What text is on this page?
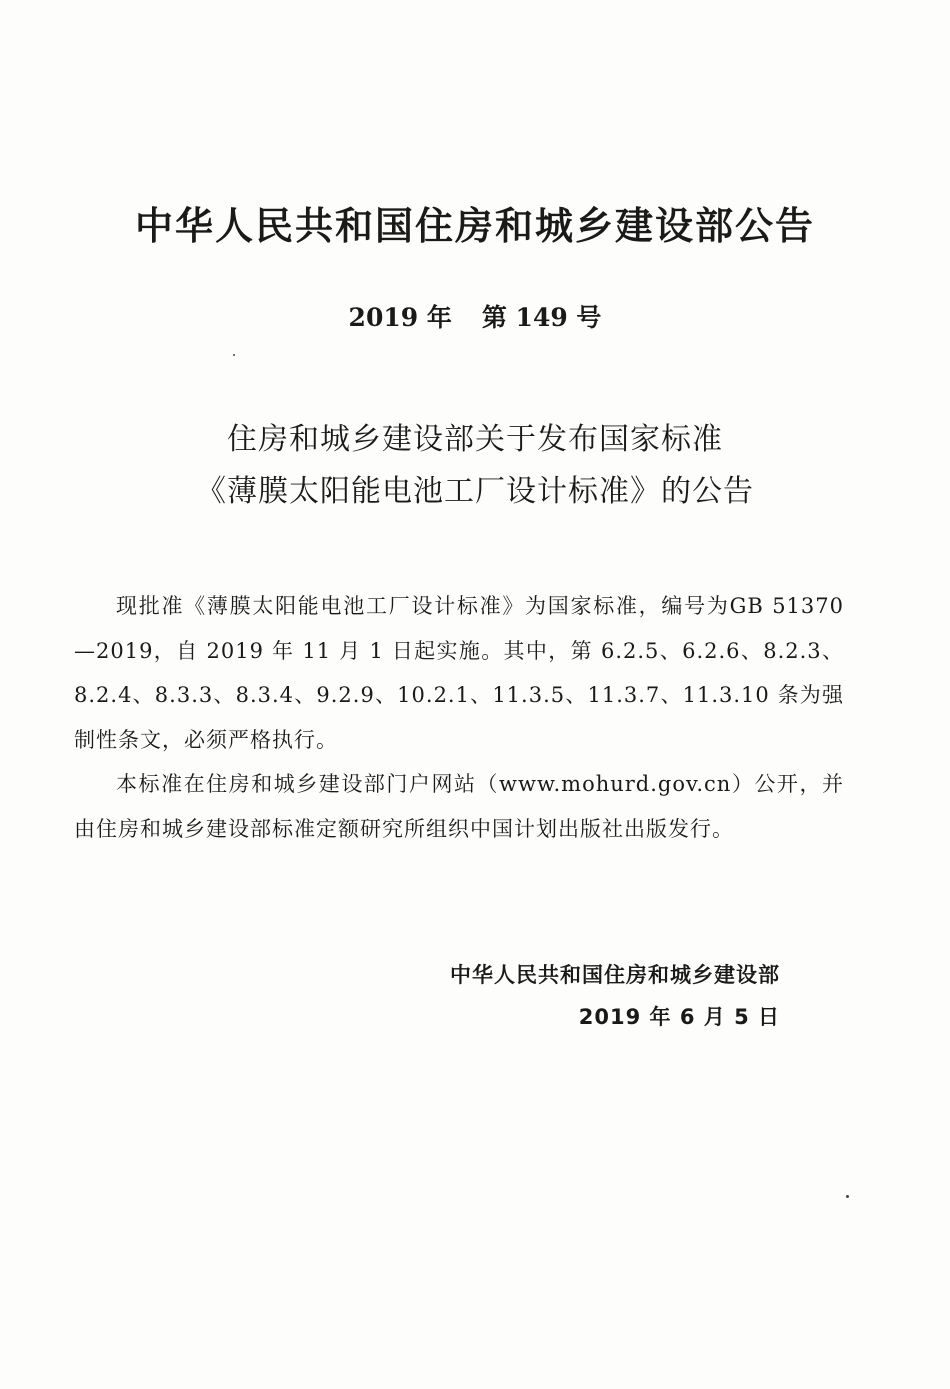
中华人民共和国住房和城乡建设部公告
2019 年 第 149 号
住房和城乡建设部关于发布国家标准
《薄膜太阳能电池工厂设计标准》的公告

现批准《薄膜太阳能电池工厂设计标准》为国家标准，编号为GB 51370—2019，自 2019 年 11 月 1 日起实施。其中，第 6.2.5、6.2.6、8.2.3、8.2.4、8.3.3、8.3.4、9.2.9、10.2.1、11.3.5、11.3.7、11.3.10 条为强制性条文，必须严格执行。

本标准在住房和城乡建设部门户网站（www.mohurd.gov.cn）公开，并由住房和城乡建设部标准定额研究所组织中国计划出版社出版发行。

中华人民共和国住房和城乡建设部
2019 年 6 月 5 日
